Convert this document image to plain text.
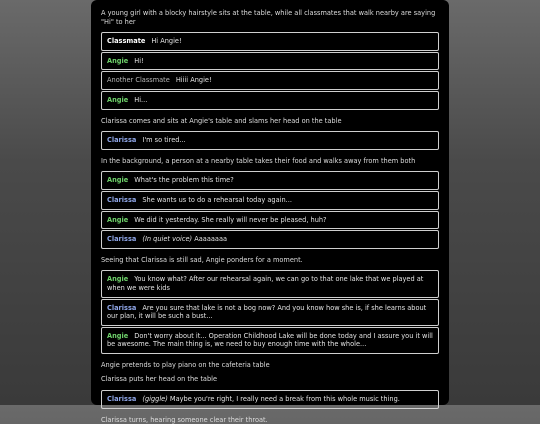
A young girl with a blocky hairstyle sits at the table, while all classmates that walk nearby are saying "Hi" to her

Classmate Hi Angie!
Angie Hi!
Another Classmate Hiiii Angie!
Angie Hi...

Clarissa comes and sits at Angie's table and slams her head on the table

Clarissa I'm so tired...

In the background, a person at a nearby table takes their food and walks away from them both

Angie What's the problem this time?
Clarissa She wants us to do a rehearsal today again...
Angie We did it yesterday. She really will never be pleased, huh?
Clarissa (In quiet voice) Aaaaaaaa

Seeing that Clarissa is still sad, Angie ponders for a moment.

Angie You know what? After our rehearsal again, we can go to that one lake that we played at when we were kids
Clarissa Are you sure that lake is not a bog now? And you know how she is, if she learns about our plan, it will be such a bust...
Angie Don't worry about it... Operation Childhood Lake will be done today and I assure you it will be awesome. The main thing is, we need to buy enough time with the whole...

Angie pretends to play piano on the cafeteria table

Clarissa puts her head on the table

Clarissa (giggle) Maybe you're right, I really need a break from this whole music thing.

Clarissa turns, hearing someone clear their throat.
